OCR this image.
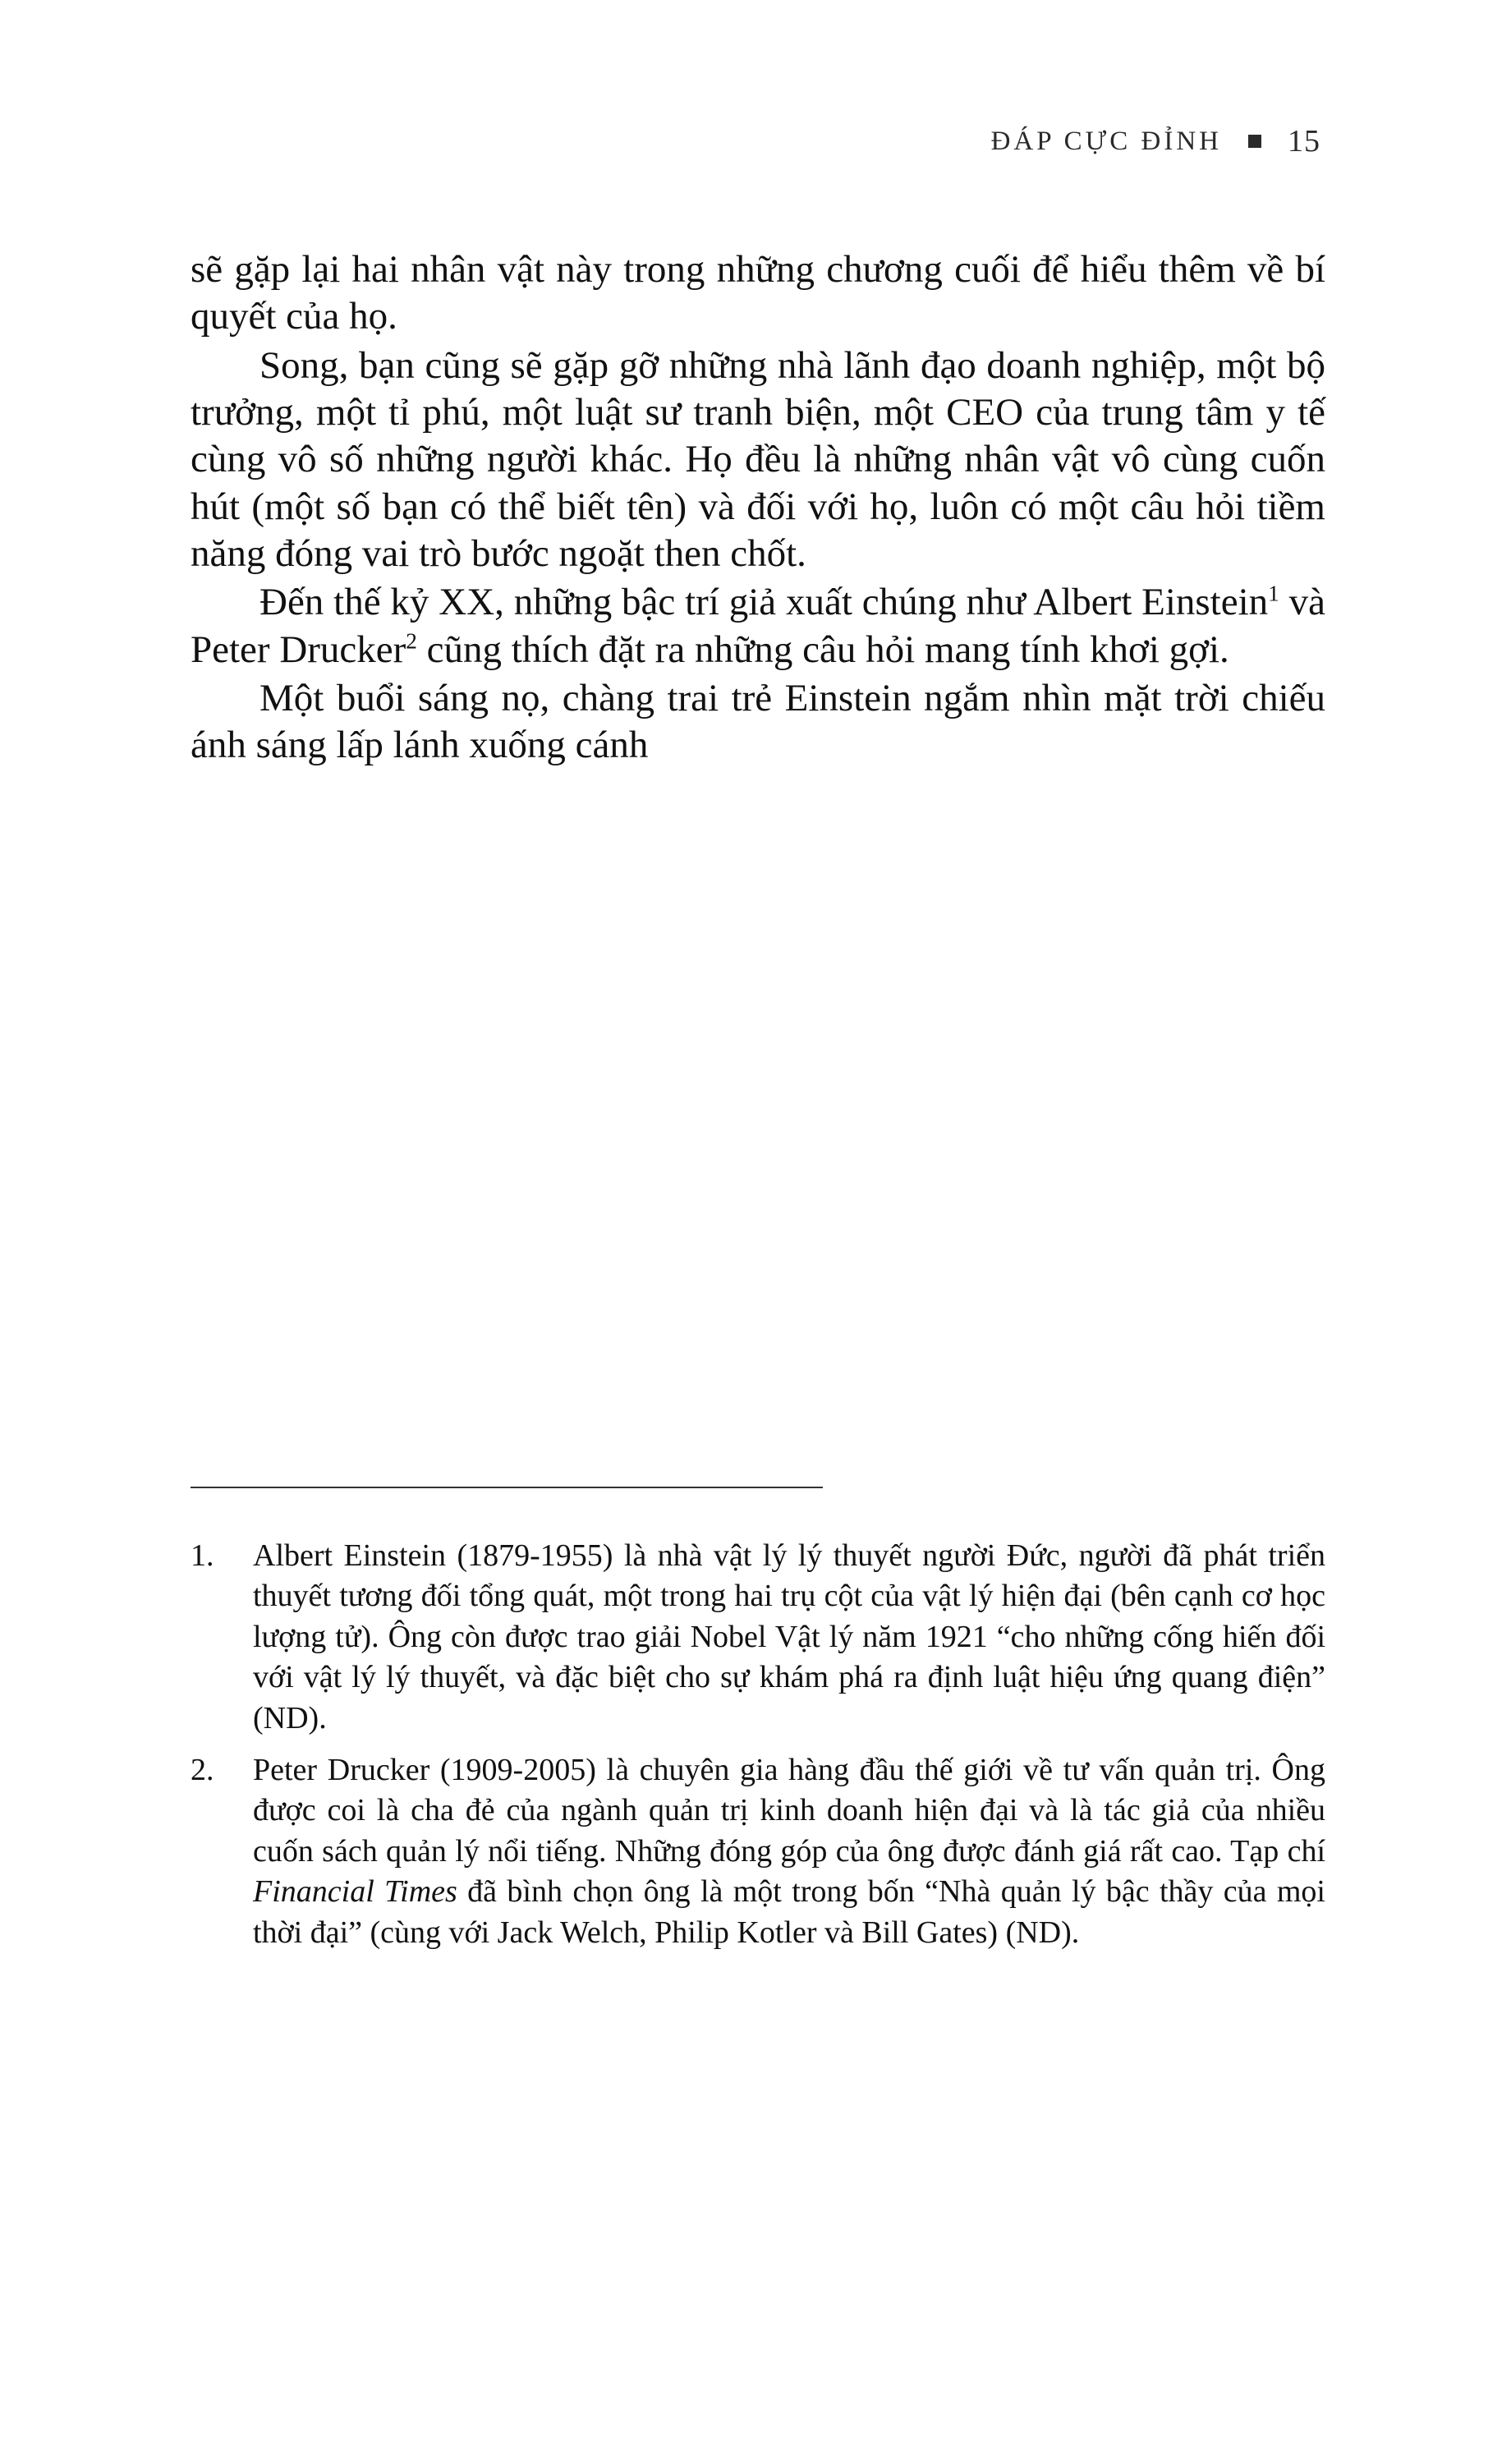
ĐÁP CỰC ĐỈNH 15

sẽ gặp lại hai nhân vật này trong những chương cuối để hiểu thêm về bí quyết của họ.

Song, bạn cũng sẽ gặp gỡ những nhà lãnh đạo doanh nghiệp, một bộ trưởng, một tỉ phú, một luật sư tranh biện, một CEO của trung tâm y tế cùng vô số những người khác. Họ đều là những nhân vật vô cùng cuốn hút (một số bạn có thể biết tên) và đối với họ, luôn có một câu hỏi tiềm năng đóng vai trò bước ngoặt then chốt.

Đến thế kỷ XX, những bậc trí giả xuất chúng như Albert Einstein$^1$ và Peter Drucker$^2$ cũng thích đặt ra những câu hỏi mang tính khơi gợi.

Một buổi sáng nọ, chàng trai trẻ Einstein ngắm nhìn mặt trời chiếu ánh sáng lấp lánh xuống cánh

1.	Albert Einstein (1879-1955) là nhà vật lý lý thuyết người Đức, người đã phát triển thuyết tương đối tổng quát, một trong hai trụ cột của vật lý hiện đại (bên cạnh cơ học lượng tử). Ông còn được trao giải Nobel Vật lý năm 1921 “cho những cống hiến đối với vật lý lý thuyết, và đặc biệt cho sự khám phá ra định luật hiệu ứng quang điện” (ND).
2.	Peter Drucker (1909-2005) là chuyên gia hàng đầu thế giới về tư vấn quản trị. Ông được coi là cha đẻ của ngành quản trị kinh doanh hiện đại và là tác giả của nhiều cuốn sách quản lý nổi tiếng. Những đóng góp của ông được đánh giá rất cao. Tạp chí Financial Times đã bình chọn ông là một trong bốn “Nhà quản lý bậc thầy của mọi thời đại” (cùng với Jack Welch, Philip Kotler và Bill Gates) (ND).
